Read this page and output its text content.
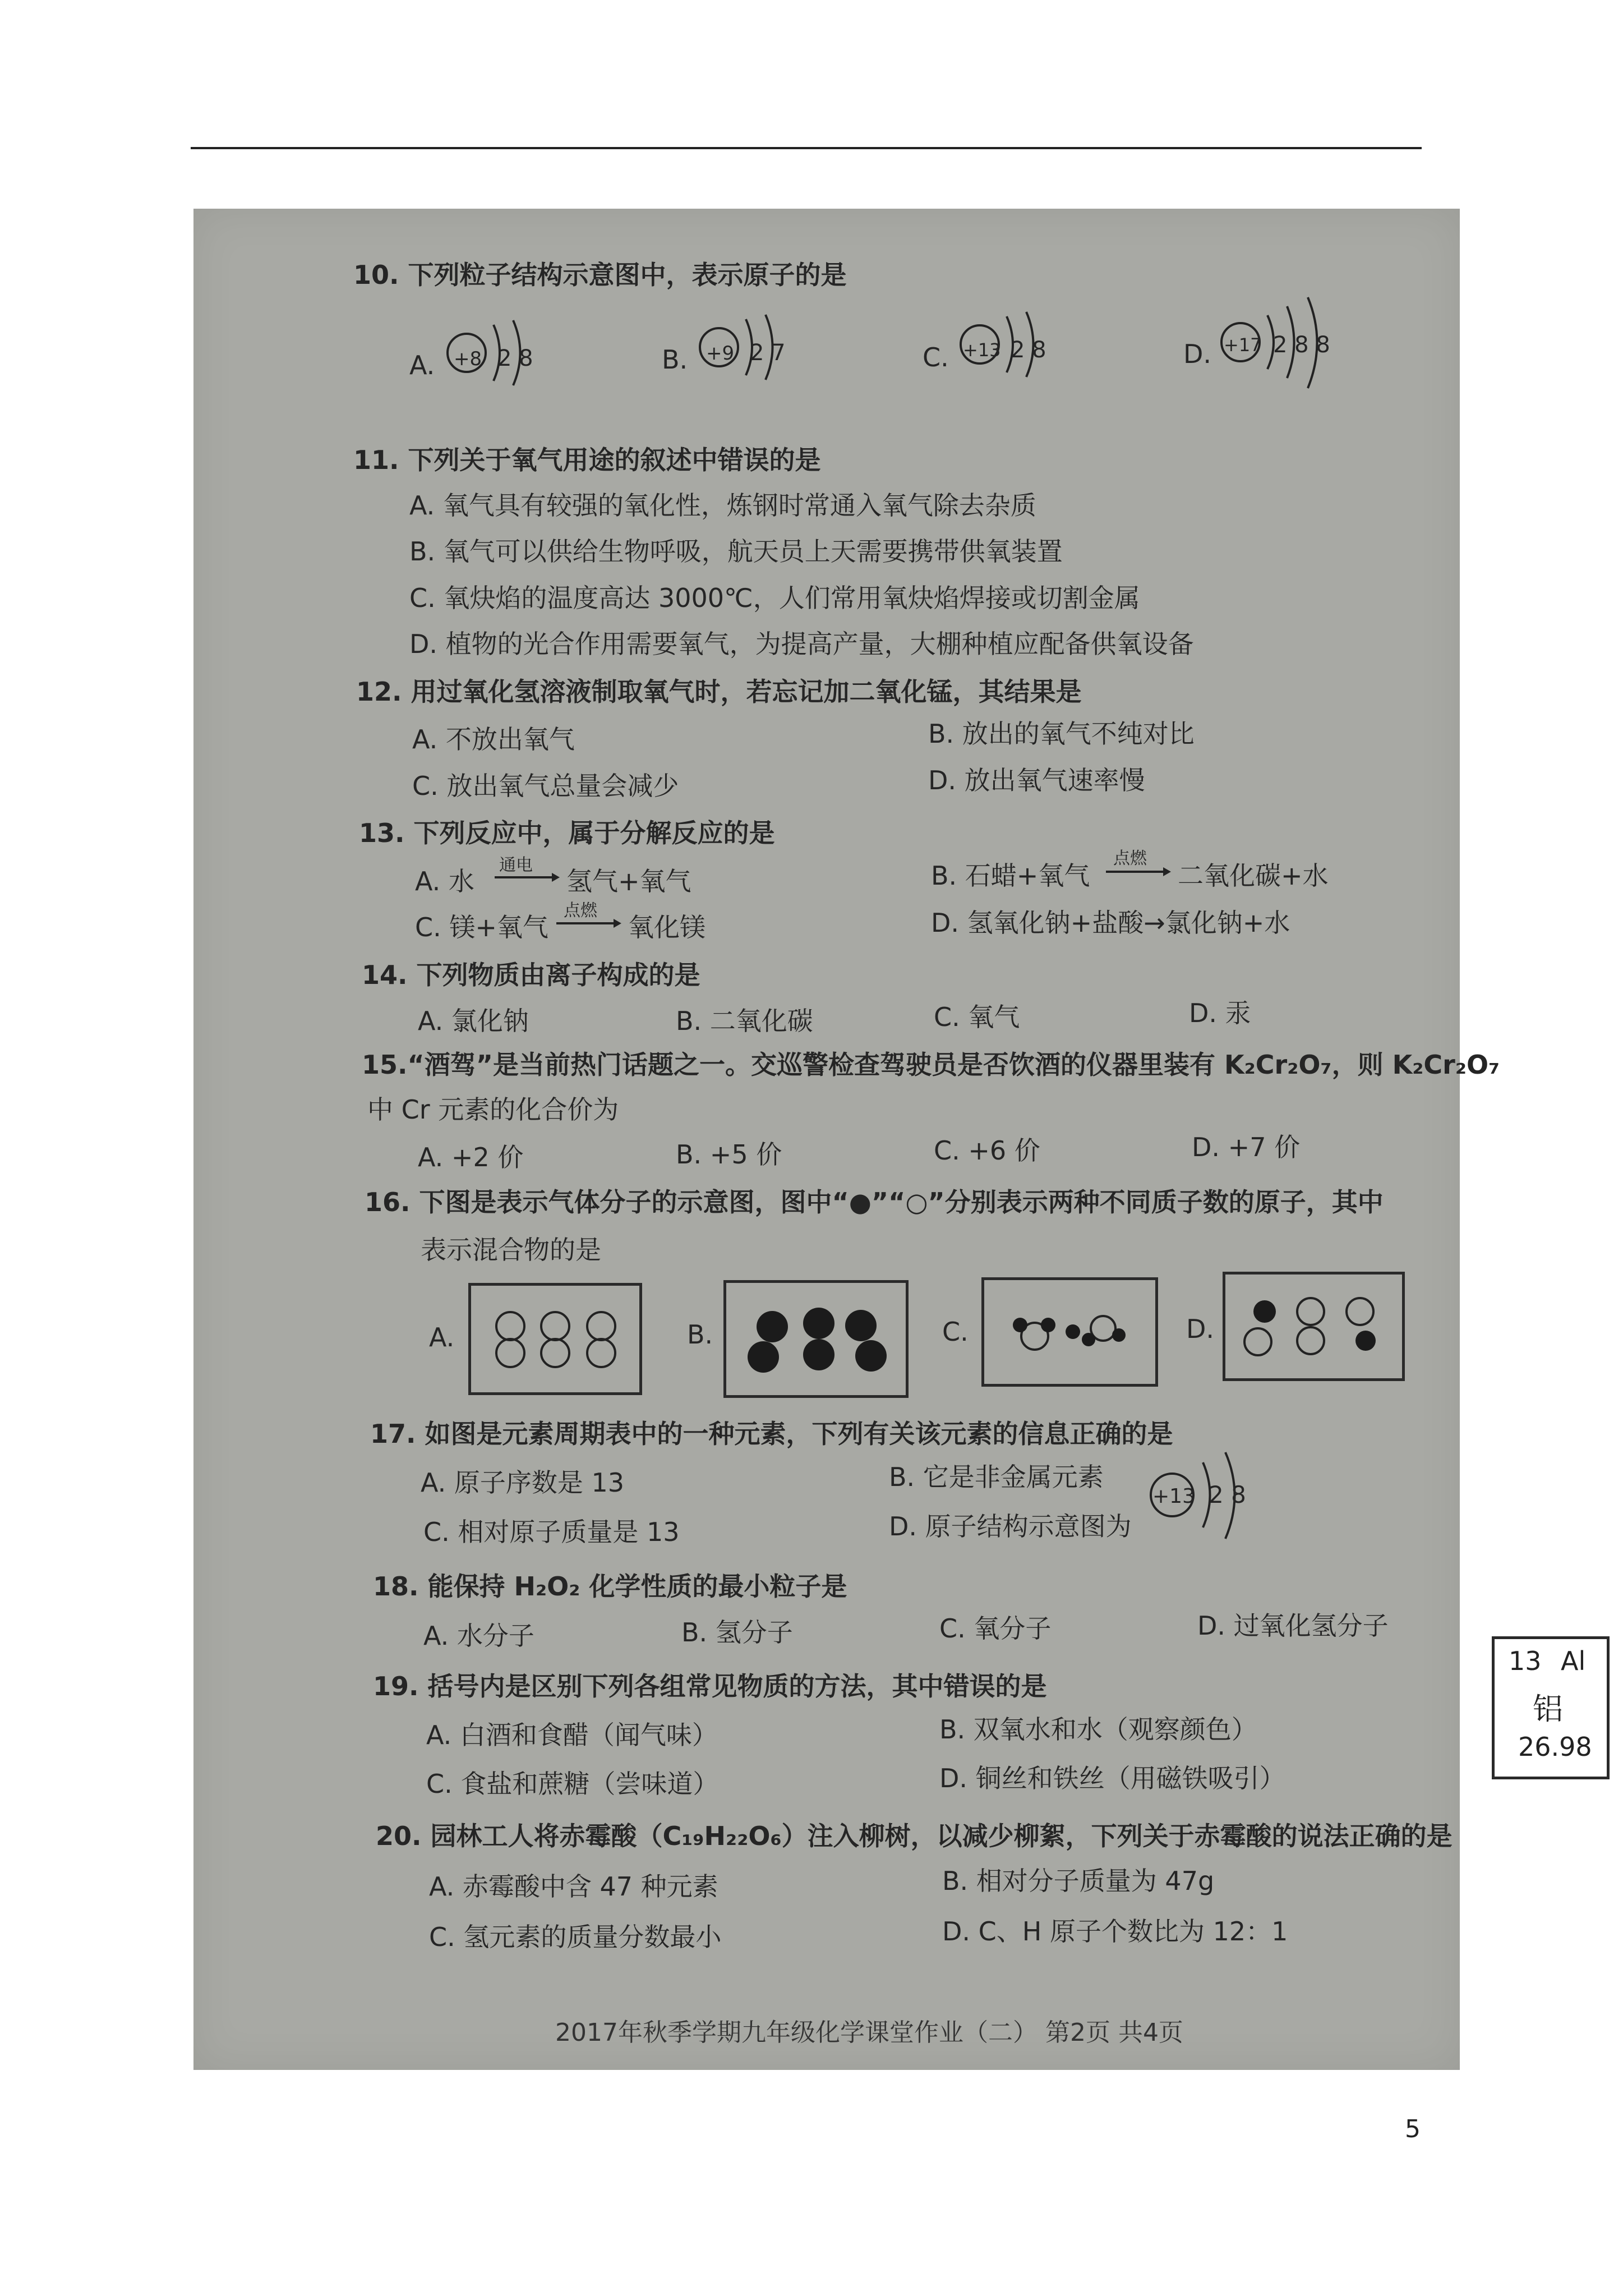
10. 下列粒子结构示意图中，表示原子的是
A. +8 2 8	B. +9 2 7	C. +13 2 8	D. +17 2 8 8
11. 下列关于氧气用途的叙述中错误的是
A. 氧气具有较强的氧化性，炼钢时常通入氧气除去杂质
B. 氧气可以供给生物呼吸，航天员上天需要携带供氧装置
C. 氧炔焰的温度高达 3000℃，人们常用氧炔焰焊接或切割金属
D. 植物的光合作用需要氧气，为提高产量，大棚种植应配备供氧设备
12. 用过氧化氢溶液制取氧气时，若忘记加二氧化锰，其结果是
A. 不放出氧气	B. 放出的氧气不纯对比
C. 放出氧气总量会减少	D. 放出氧气速率慢
13. 下列反应中，属于分解反应的是
A. 水
通电
氢气+氧气	B. 石蜡+氧气
点燃
二氧化碳+水
C. 镁+氧气
点燃
氧化镁	D. 氢氧化钠+盐酸→氯化钠+水
14. 下列物质由离子构成的是
A. 氯化钠	B. 二氧化碳	C. 氧气	D. 汞
15.“酒驾”是当前热门话题之一。交巡警检查驾驶员是否饮酒的仪器里装有 K₂Cr₂O₇，则 K₂Cr₂O₇
中 Cr 元素的化合价为
A. +2 价	B. +5 价	C. +6 价	D. +7 价
16. 下图是表示气体分子的示意图，图中“●”“○”分别表示两种不同质子数的原子，其中
表示混合物的是
A.	B.	C.	D.
17. 如图是元素周期表中的一种元素，下列有关该元素的信息正确的是
A. 原子序数是 13	B. 它是非金属元素
C. 相对原子质量是 13	D. 原子结构示意图为
+13 2 8
13 Al
铝
26.98
18. 能保持 H₂O₂ 化学性质的最小粒子是
A. 水分子	B. 氢分子	C. 氧分子	D. 过氧化氢分子
19. 括号内是区别下列各组常见物质的方法，其中错误的是
A. 白酒和食醋（闻气味）	B. 双氧水和水（观察颜色）
C. 食盐和蔗糖（尝味道）	D. 铜丝和铁丝（用磁铁吸引）
20. 园林工人将赤霉酸（C₁₉H₂₂O₆）注入柳树，以减少柳絮，下列关于赤霉酸的说法正确的是
A. 赤霉酸中含 47 种元素	B. 相对分子质量为 47g
C. 氢元素的质量分数最小	D. C、H 原子个数比为 12：1
2017年秋季学期九年级化学课堂作业（二） 第2页 共4页
5
